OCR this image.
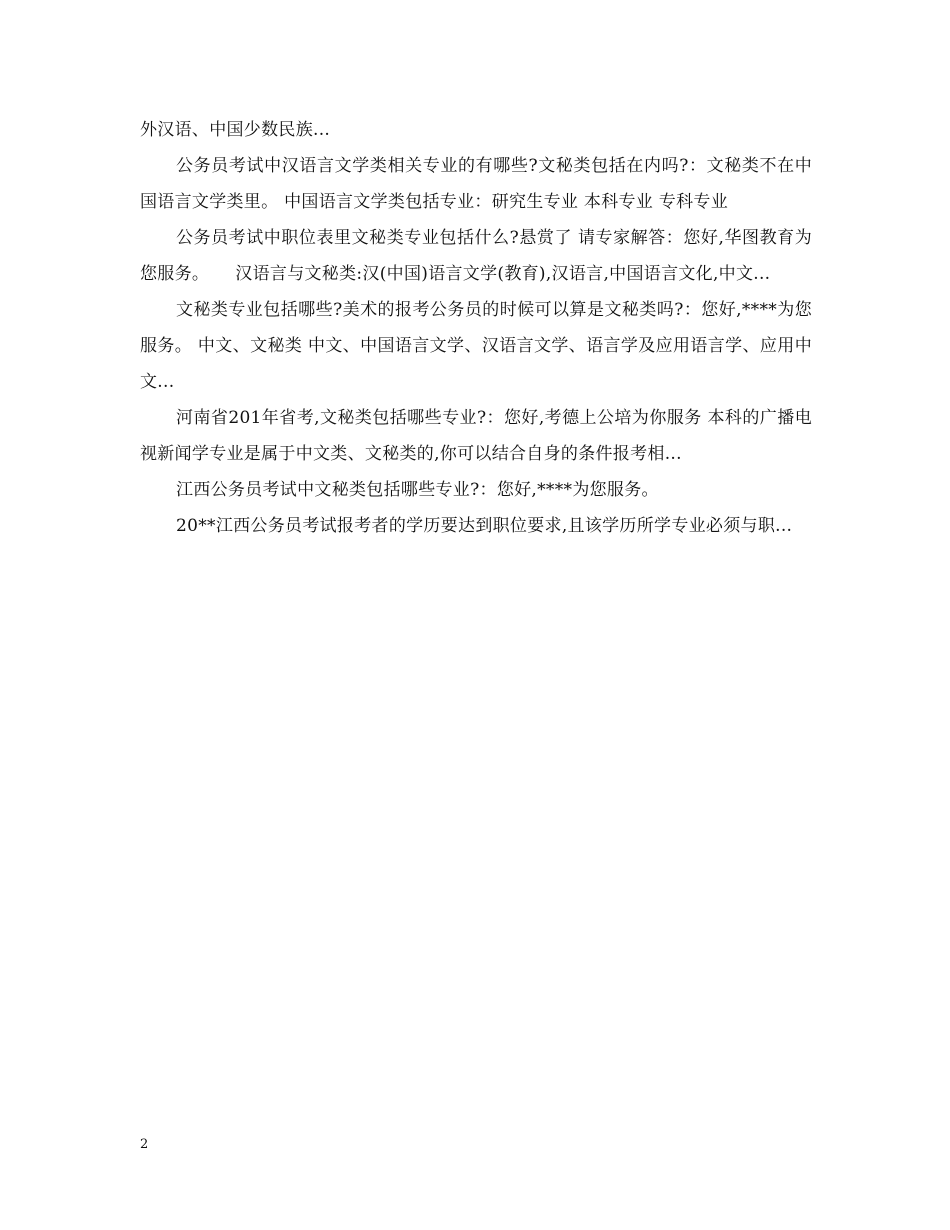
外汉语、中国少数民族...

公务员考试中汉语言文学类相关专业的有哪些?文秘类包括在内吗?：文秘类不在中国语言文学类里。 中国语言文学类包括专业：研究生专业 本科专业 专科专业

公务员考试中职位表里文秘类专业包括什么?悬赏了 请专家解答：您好,华图教育为您服务。　　汉语言与文秘类:汉(中国)语言文学(教育),汉语言,中国语言文化,中文...

文秘类专业包括哪些?美术的报考公务员的时候可以算是文秘类吗?：您好,****为您服务。 中文、文秘类 中文、中国语言文学、汉语言文学、语言学及应用语言学、应用中文...

河南省201年省考,文秘类包括哪些专业?：您好,考德上公培为你服务 本科的广播电视新闻学专业是属于中文类、文秘类的,你可以结合自身的条件报考相...

江西公务员考试中文秘类包括哪些专业?：您好,****为您服务。

20**江西公务员考试报考者的学历要达到职位要求,且该学历所学专业必须与职...

2
